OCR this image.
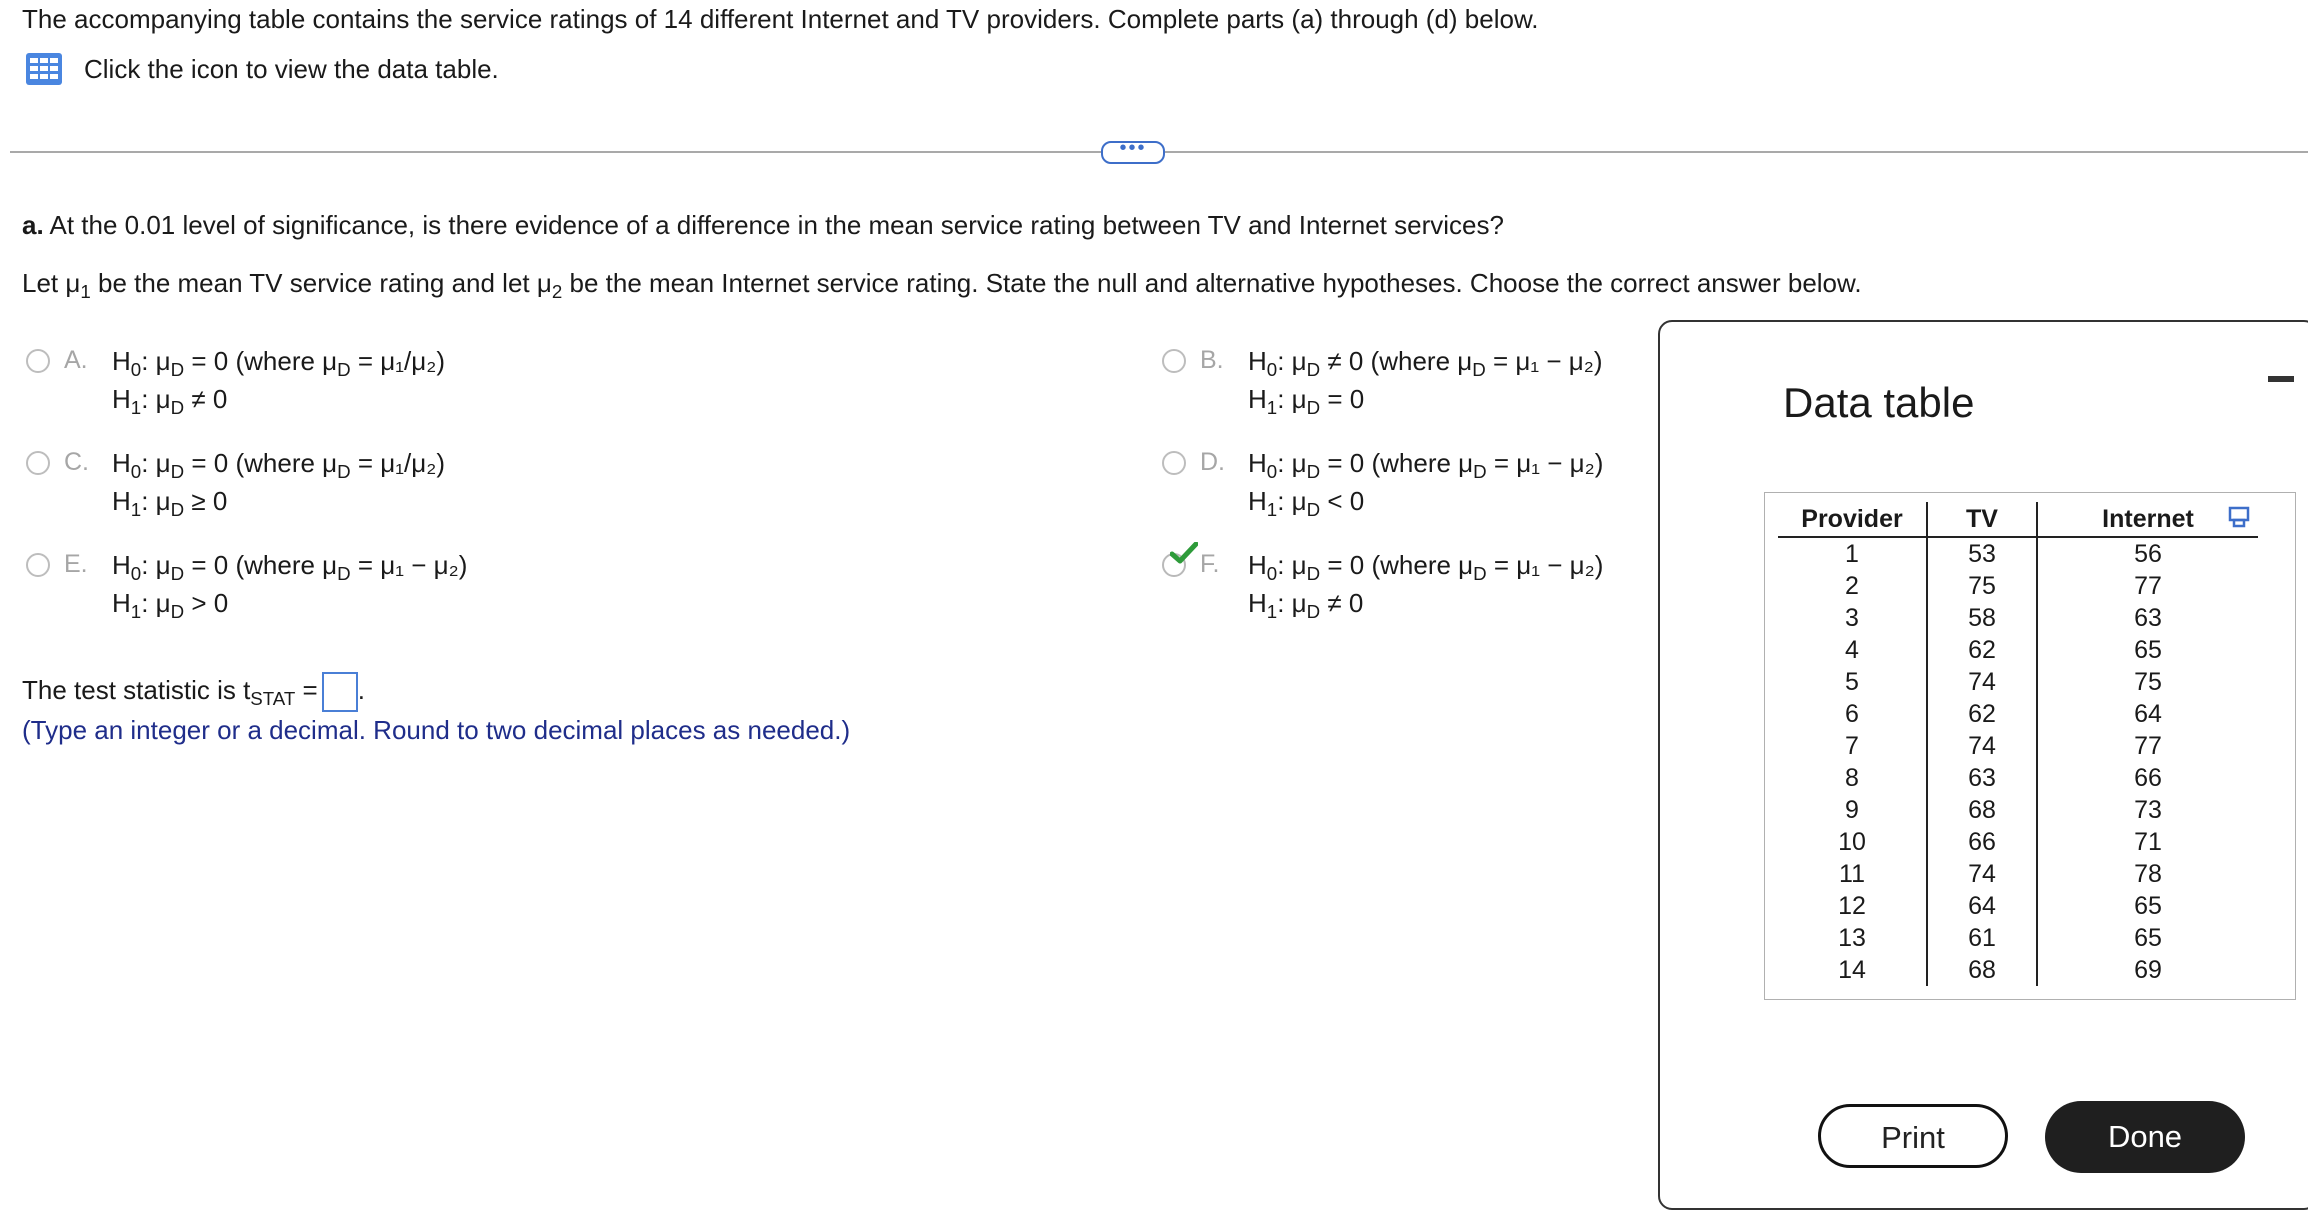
The accompanying table contains the service ratings of 14 different Internet and TV providers. Complete parts (a) through (d) below.
Click the icon to view the data table.
•••
a. At the 0.01 level of significance, is there evidence of a difference in the mean service rating between TV and Internet services?
Let $\mu_1$ be the mean TV service rating and let $\mu_2$ be the mean Internet service rating. State the null and alternative hypotheses. Choose the correct answer below.
A. $H_0$: $\mu_D = 0$ (where $\mu_D = \mu_1/\mu_2$)
$H_1$: $\mu_D \ne 0$
B. $H_0$: $\mu_D \ne 0$ (where $\mu_D = \mu_1 - \mu_2$)
$H_1$: $\mu_D = 0$
C. $H_0$: $\mu_D = 0$ (where $\mu_D = \mu_1/\mu_2$)
$H_1$: $\mu_D \ge 0$
D. $H_0$: $\mu_D = 0$ (where $\mu_D = \mu_1 - \mu_2$)
$H_1$: $\mu_D < 0$
E. $H_0$: $\mu_D = 0$ (where $\mu_D = \mu_1 - \mu_2$)
$H_1$: $\mu_D > 0$
F. $H_0$: $\mu_D = 0$ (where $\mu_D = \mu_1 - \mu_2$)
$H_1$: $\mu_D \ne 0$
The test statistic is $t_{STAT}$ = .
(Type an integer or a decimal. Round to two decimal places as needed.)
Data table
Provider	TV	Internet
1	53	56
2	75	77
3	58	63
4	62	65
5	74	75
6	62	64
7	74	77
8	63	66
9	68	73
10	66	71
11	74	78
12	64	65
13	61	65
14	68	69
Print	Done
